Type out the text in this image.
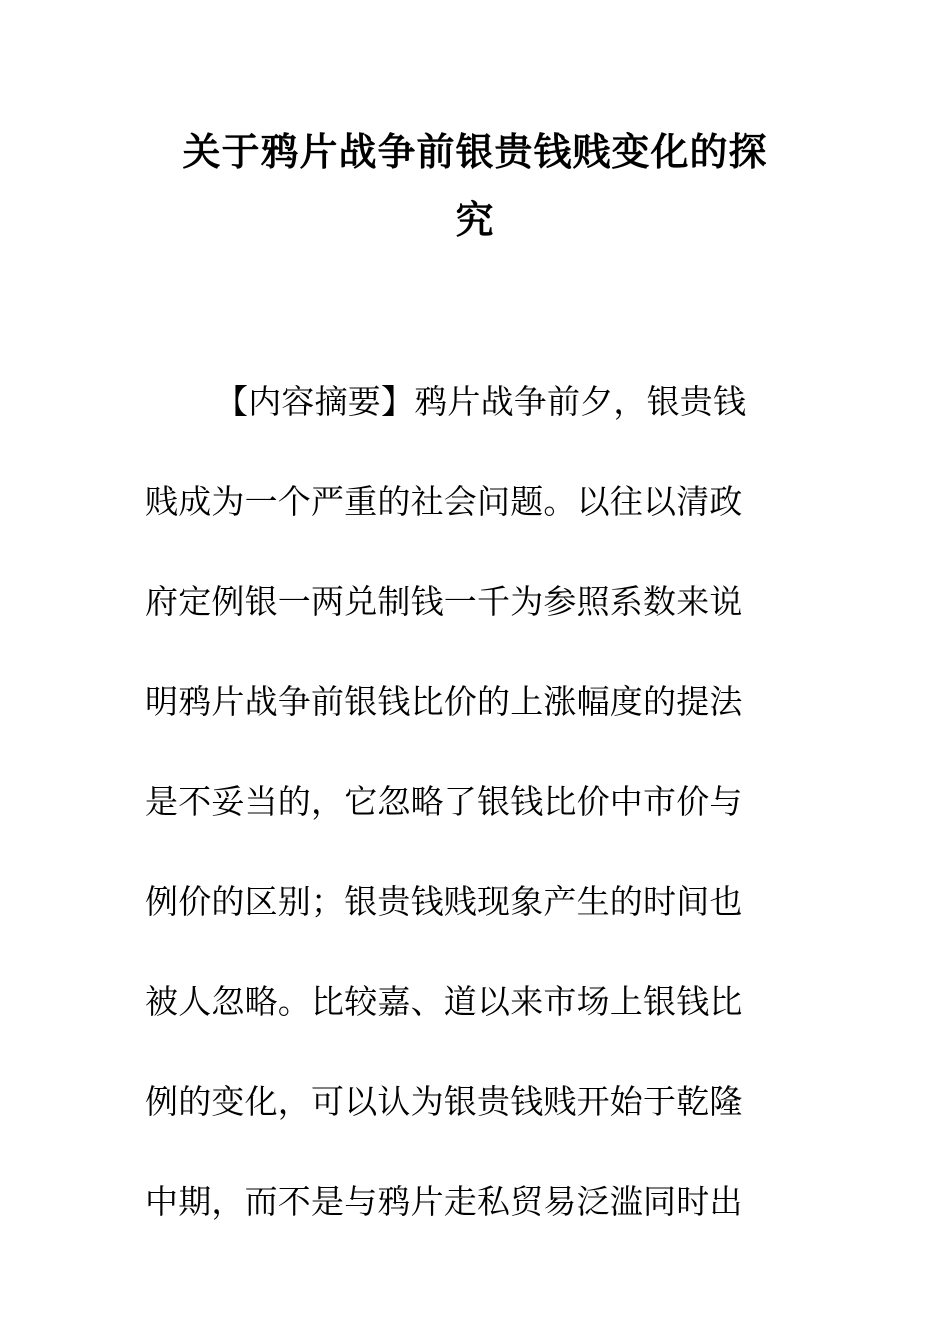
关于鸦片战争前银贵钱贱变化的探
究
【内容摘要】鸦片战争前夕，银贵钱
贱成为一个严重的社会问题。以往以清政
府定例银一两兑制钱一千为参照系数来说
明鸦片战争前银钱比价的上涨幅度的提法
是不妥当的，它忽略了银钱比价中市价与
例价的区别；银贵钱贱现象产生的时间也
被人忽略。比较嘉、道以来市场上银钱比
例的变化，可以认为银贵钱贱开始于乾隆
中期，而不是与鸦片走私贸易泛滥同时出
